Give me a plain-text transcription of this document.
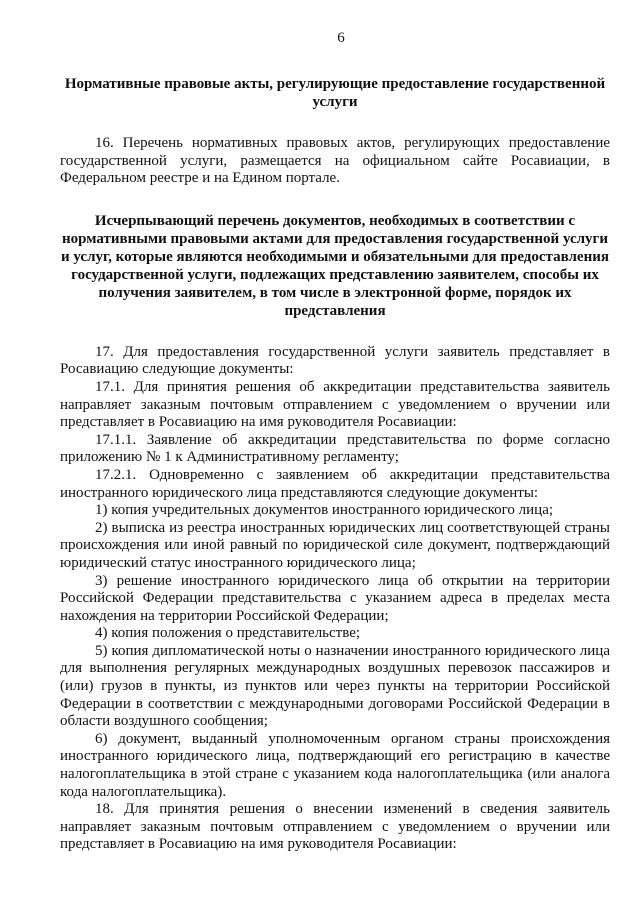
6
Нормативные правовые акты, регулирующие предоставление государственной услуги

16. Перечень нормативных правовых актов, регулирующих предоставление государственной услуги, размещается на официальном сайте Росавиации, в Федеральном реестре и на Едином портале.

Исчерпывающий перечень документов, необходимых в соответствии с нормативными правовыми актами для предоставления государственной услуги и услуг, которые являются необходимыми и обязательными для предоставления государственной услуги, подлежащих представлению заявителем, способы их получения заявителем, в том числе в электронной форме, порядок их представления

17. Для предоставления государственной услуги заявитель представляет в Росавиацию следующие документы:

17.1. Для принятия решения об аккредитации представительства заявитель направляет заказным почтовым отправлением с уведомлением о вручении или представляет в Росавиацию на имя руководителя Росавиации:

17.1.1. Заявление об аккредитации представительства по форме согласно приложению № 1 к Административному регламенту;

17.2.1. Одновременно с заявлением об аккредитации представительства иностранного юридического лица представляются следующие документы:

1) копия учредительных документов иностранного юридического лица;

2) выписка из реестра иностранных юридических лиц соответствующей страны происхождения или иной равный по юридической силе документ, подтверждающий юридический статус иностранного юридического лица;

3) решение иностранного юридического лица об открытии на территории Российской Федерации представительства с указанием адреса в пределах места нахождения на территории Российской Федерации;

4) копия положения о представительстве;

5) копия дипломатической ноты о назначении иностранного юридического лица для выполнения регулярных международных воздушных перевозок пассажиров и (или) грузов в пункты, из пунктов или через пункты на территории Российской Федерации в соответствии с международными договорами Российской Федерации в области воздушного сообщения;

6) документ, выданный уполномоченным органом страны происхождения иностранного юридического лица, подтверждающий его регистрацию в качестве налогоплательщика в этой стране с указанием кода налогоплательщика (или аналога кода налогоплательщика).

18. Для принятия решения о внесении изменений в сведения заявитель направляет заказным почтовым отправлением с уведомлением о вручении или представляет в Росавиацию на имя руководителя Росавиации:
